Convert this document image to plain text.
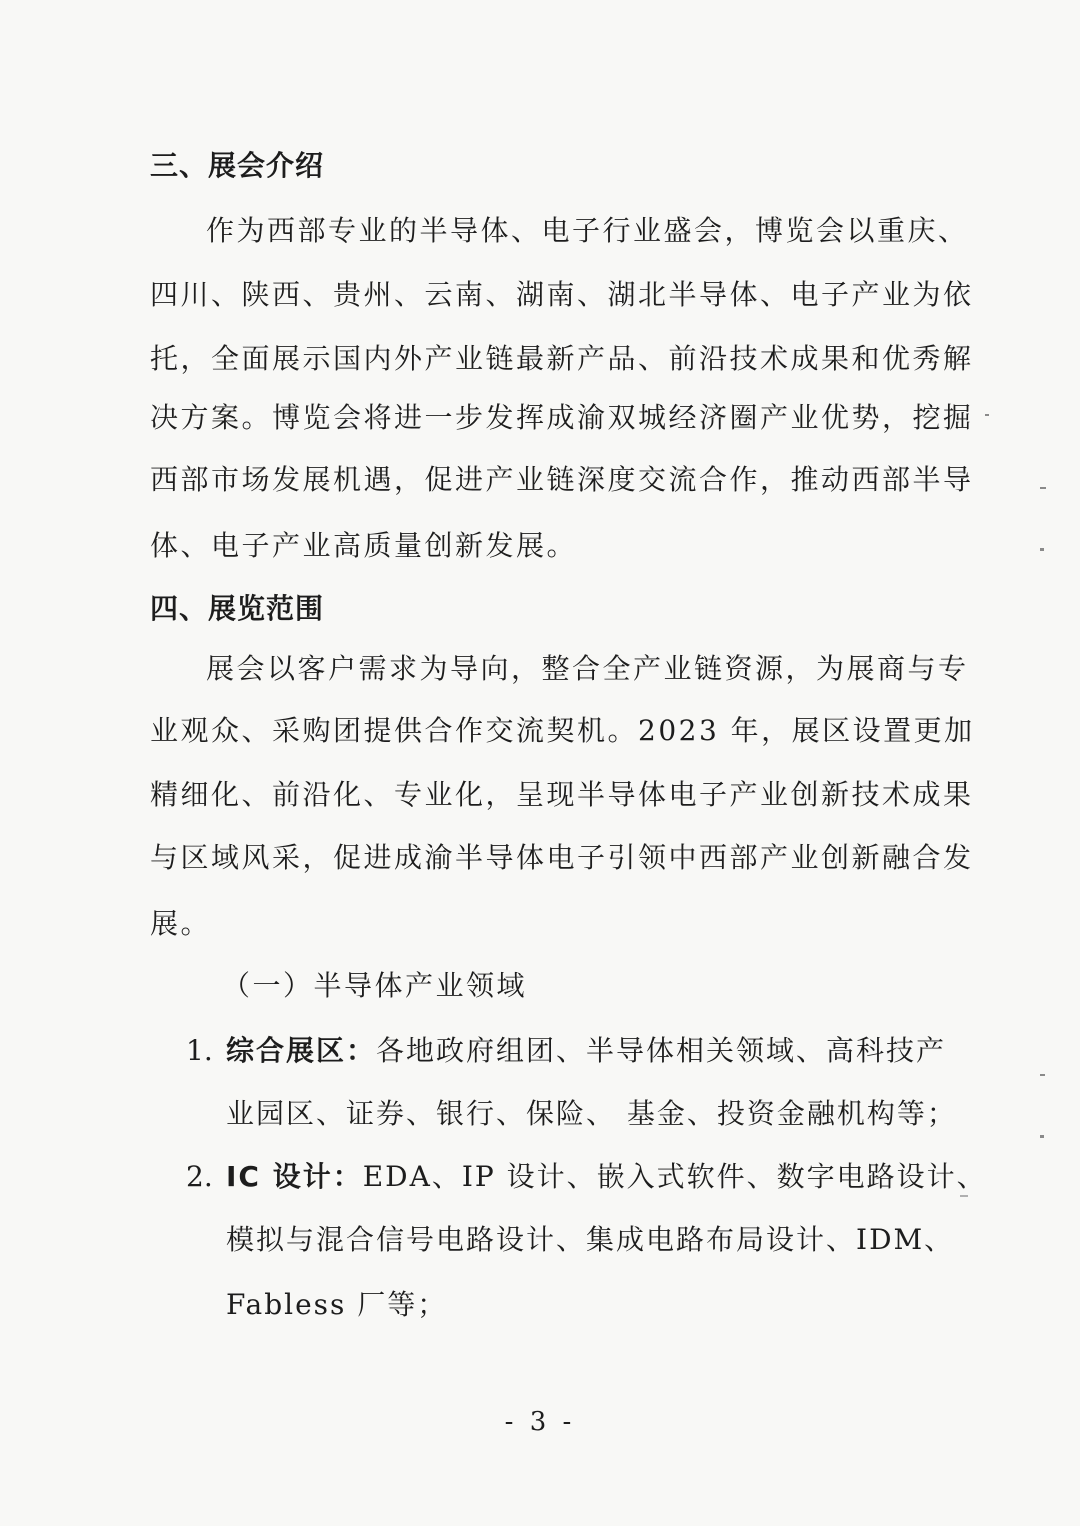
三、展会介绍
作为西部专业的半导体、电子行业盛会，博览会以重庆、
四川、陕西、贵州、云南、湖南、湖北半导体、电子产业为依
托，全面展示国内外产业链最新产品、前沿技术成果和优秀解
决方案。博览会将进一步发挥成渝双城经济圈产业优势，挖掘
西部市场发展机遇，促进产业链深度交流合作，推动西部半导
体、电子产业高质量创新发展。
四、展览范围
展会以客户需求为导向，整合全产业链资源，为展商与专
业观众、采购团提供合作交流契机。2023 年，展区设置更加
精细化、前沿化、专业化，呈现半导体电子产业创新技术成果
与区域风采，促进成渝半导体电子引领中西部产业创新融合发
展。
（一）半导体产业领域
1. 综合展区：各地政府组团、半导体相关领域、高科技产
业园区、证券、银行、保险、 基金、投资金融机构等；
2. IC 设计：EDA、IP 设计、嵌入式软件、数字电路设计、
模拟与混合信号电路设计、集成电路布局设计、IDM、
Fabless 厂等；
- 3 -
